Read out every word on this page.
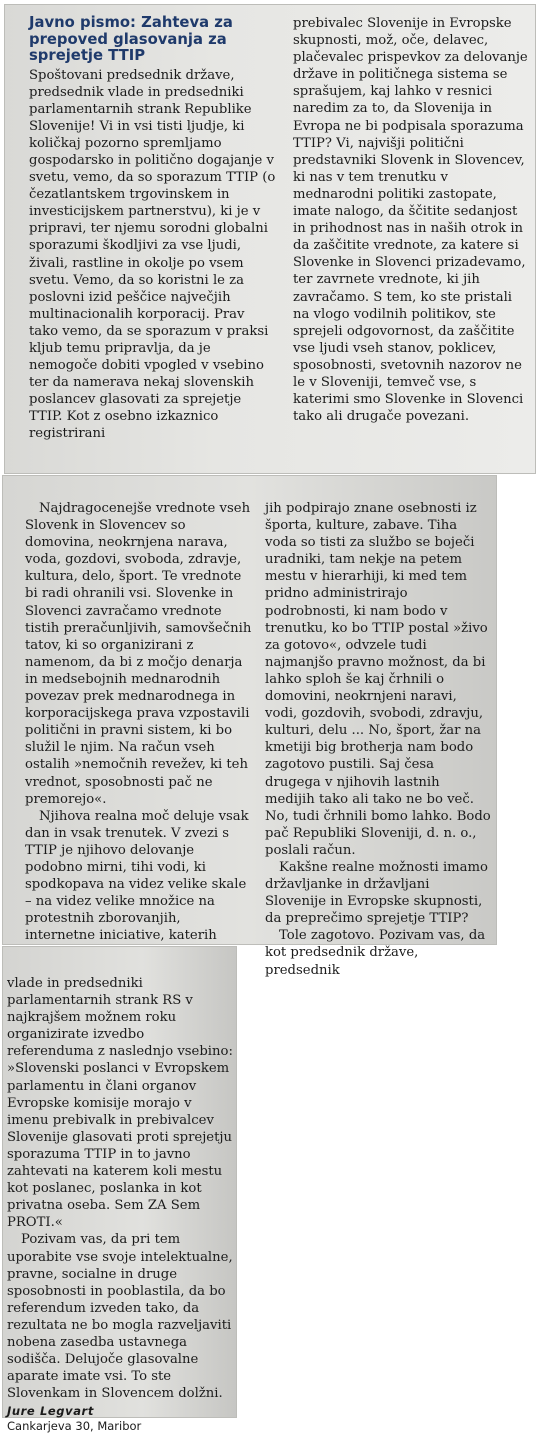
Javno pismo: Zahteva za prepoved glasovanja za sprejetje TTIP

Spoštovani predsednik države, predsednik vlade in predsedniki parlamentarnih strank Republike Slovenije! Vi in vsi tisti ljudje, ki količkaj pozorno spremljamo gospodarsko in politično dogajanje v svetu, vemo, da so sporazum TTIP (o čezatlantskem trgovinskem in investicijskem partnerstvu), ki je v pripravi, ter njemu sorodni globalni sporazumi škodljivi za vse ljudi, živali, rastline in okolje po vsem svetu. Vemo, da so koristni le za poslovni izid peščice največjih multinacionalih korporacij. Prav tako vemo, da se sporazum v praksi kljub temu pripravlja, da je nemogoče dobiti vpogled v vsebino ter da namerava nekaj slovenskih poslancev glasovati za sprejetje TTIP. Kot z osebno izkaznico registrirani

prebivalec Slovenije in Evropske skupnosti, mož, oče, delavec, plačevalec prispevkov za delovanje države in političnega sistema se sprašujem, kaj lahko v resnici naredim za to, da Slovenija in Evropa ne bi podpisala sporazuma TTIP? Vi, najvišji politični predstavniki Slovenk in Slovencev, ki nas v tem trenutku v mednarodni politiki zastopate, imate nalogo, da ščitite sedanjost in prihodnost nas in naših otrok in da zaščitite vrednote, za katere si Slovenke in Slovenci prizadevamo, ter zavrnete vrednote, ki jih zavračamo. S tem, ko ste pristali na vlogo vodilnih politikov, ste sprejeli odgovornost, da zaščitite vse ljudi vseh stanov, poklicev, sposobnosti, svetovnih nazorov ne le v Sloveniji, temveč vse, s katerimi smo Slovenke in Slovenci tako ali drugače povezani.

Najdragocenejše vrednote vseh Slovenk in Slovencev so domovina, neokrnjena narava, voda, gozdovi, svoboda, zdravje, kultura, delo, šport. Te vrednote bi radi ohranili vsi. Slovenke in Slovenci zavračamo vrednote tistih preračunljivih, samovšečnih tatov, ki so organizirani z namenom, da bi z močjo denarja in medsebojnih mednarodnih povezav prek mednarodnega in korporacijskega prava vzpostavili politični in pravni sistem, ki bo služil le njim. Na račun vseh ostalih »nemočnih revežev, ki teh vrednot, sposobnosti pač ne premorejo«.

Njihova realna moč deluje vsak dan in vsak trenutek. V zvezi s TTIP je njihovo delovanje podobno mirni, tihi vodi, ki spodkopava na videz velike skale – na videz velike množice na protestnih zborovanjih, internetne iniciative, katerih

jih podpirajo znane osebnosti iz športa, kulture, zabave. Tiha voda so tisti za službo se boječi uradniki, tam nekje na petem mestu v hierarhiji, ki med tem pridno administrirajo podrobnosti, ki nam bodo v trenutku, ko bo TTIP postal »živo za gotovo«, odvzele tudi najmanjšo pravno možnost, da bi lahko sploh še kaj črhnili o domovini, neokrnjeni naravi, vodi, gozdovih, svobodi, zdravju, kulturi, delu ... No, šport, žar na kmetiji big brotherja nam bodo zagotovo pustili. Saj česa drugega v njihovih lastnih medijih tako ali tako ne bo več. No, tudi črhnili bomo lahko. Bodo pač Republiki Sloveniji, d. n. o., poslali račun.

Kakšne realne možnosti imamo državljanke in državljani Slovenije in Evropske skupnosti, da preprečimo sprejetje TTIP?

Tole zagotovo. Pozivam vas, da kot predsednik države, predsednik

vlade in predsedniki parlamentarnih strank RS v najkrajšem možnem roku organizirate izvedbo referenduma z naslednjo vsebino: »Slovenski poslanci v Evropskem parlamentu in člani organov Evropske komisije morajo v imenu prebivalk in prebivalcev Slovenije glasovati proti sprejetju sporazuma TTIP in to javno zahtevati na katerem koli mestu kot poslanec, poslanka in kot privatna oseba. Sem ZA Sem PROTI.«

Pozivam vas, da pri tem uporabite vse svoje intelektualne, pravne, socialne in druge sposobnosti in pooblastila, da bo referendum izveden tako, da rezultata ne bo mogla razveljaviti nobena zasedba ustavnega sodišča. Delujoče glasovalne aparate imate vsi. To ste Slovenkam in Slovencem dolžni.

Jure Legvart
Cankarjeva 30, Maribor
